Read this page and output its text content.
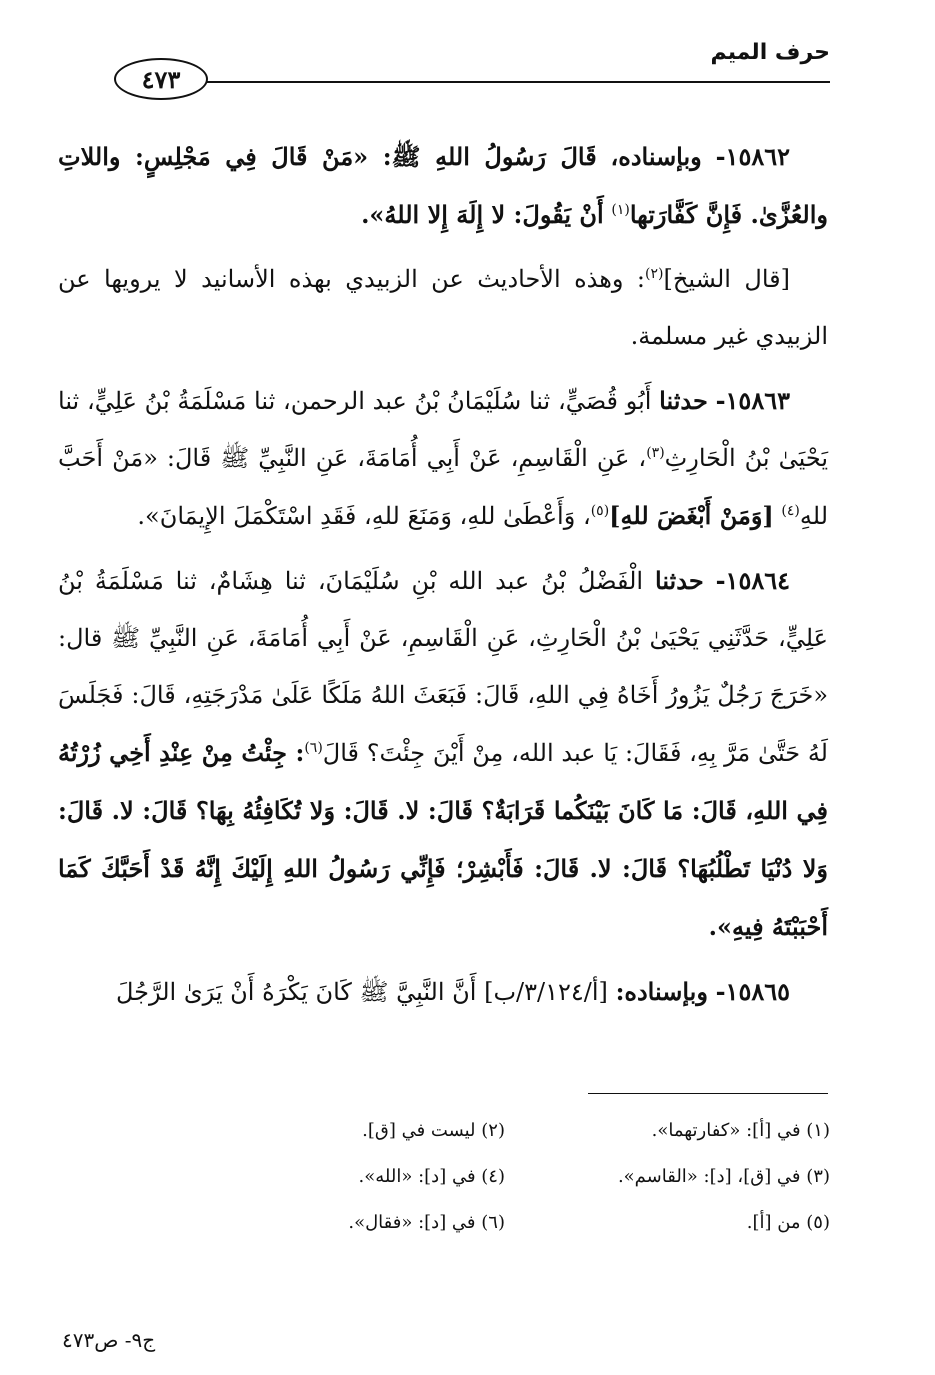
حرف الميم
٤٧٣

١٥٨٦٢- وبإسناده، قَالَ رَسُولُ اللهِ ﷺ: «مَنْ قَالَ فِي مَجْلِسٍ: واللاتِ والعُزَّىٰ. فَإِنَّ كَفَّارَتها$^{(١)}$ أَنْ يَقُولَ: لا إِلَهَ إِلا اللهُ».

[قال الشيخ]$^{(٢)}$: وهذه الأحاديث عن الزبيدي بهذه الأسانيد لا يرويها عن الزبيدي غير مسلمة.

١٥٨٦٣- حدثنا أَبُو قُصَيٍّ، ثنا سُلَيْمَانُ بْنُ عبد الرحمن، ثنا مَسْلَمَةُ بْنُ عَلِيٍّ، ثنا يَحْيَىٰ بْنُ الْحَارِثِ$^{(٣)}$، عَنِ الْقَاسِمِ، عَنْ أَبِي أُمَامَةَ، عَنِ النَّبِيِّ ﷺ قَالَ: «مَنْ أَحَبَّ للهِ$^{(٤)}$ [وَمَنْ أَبْغَضَ للهِ]$^{(٥)}$، وَأَعْطَىٰ للهِ، وَمَنَعَ للهِ، فَقَدِ اسْتَكْمَلَ الإِيمَانَ».

١٥٨٦٤- حدثنا الْفَضْلُ بْنُ عبد الله بْنِ سُلَيْمَانَ، ثنا هِشَامٌ، ثنا مَسْلَمَةُ بْنُ عَلِيٍّ، حَدَّثَنِي يَحْيَىٰ بْنُ الْحَارِثِ، عَنِ الْقَاسِمِ، عَنْ أَبِي أُمَامَةَ، عَنِ النَّبِيِّ ﷺ قال: «خَرَجَ رَجُلٌ يَزُورُ أَخَاهُ فِي اللهِ، قَالَ: فَبَعَثَ اللهُ مَلَكًا عَلَىٰ مَدْرَجَتِهِ، قَالَ: فَجَلَسَ لَهُ حَتَّىٰ مَرَّ بِهِ، فَقَالَ: يَا عبد الله، مِنْ أَيْنَ جِئْتَ؟ قَالَ$^{(٦)}$: جِئْتُ مِنْ عِنْدِ أَخِي زُرْتُهُ فِي اللهِ، قَالَ: مَا كَانَ بَيْنَكُما قَرَابَةٌ؟ قَالَ: لا. قَالَ: وَلا تُكَافِئُهُ بِهَا؟ قَالَ: لا. قَالَ: وَلا دُنْيَا تَطْلُبُهَا؟ قَالَ: لا. قَالَ: فَأَبْشِرْ؛ فَإِنِّي رَسُولُ اللهِ إِلَيْكَ إِنَّهُ قَدْ أَحَبَّكَ كَمَا أَحْبَبْتَهُ فِيهِ».

١٥٨٦٥- وبإسناده: [أ/٣/١٢٤/ب] أَنَّ النَّبِيَّ ﷺ كَانَ يَكْرَهُ أَنْ يَرَىٰ الرَّجُلَ

(١) في [أ]: «كفارتهما».
(٢) ليست في [ق].
(٣) في [ق]، [د]: «القاسم».
(٤) في [د]: «الله».
(٥) من [أ].
(٦) في [د]: «فقال».
ج٩- ص٤٧٣
